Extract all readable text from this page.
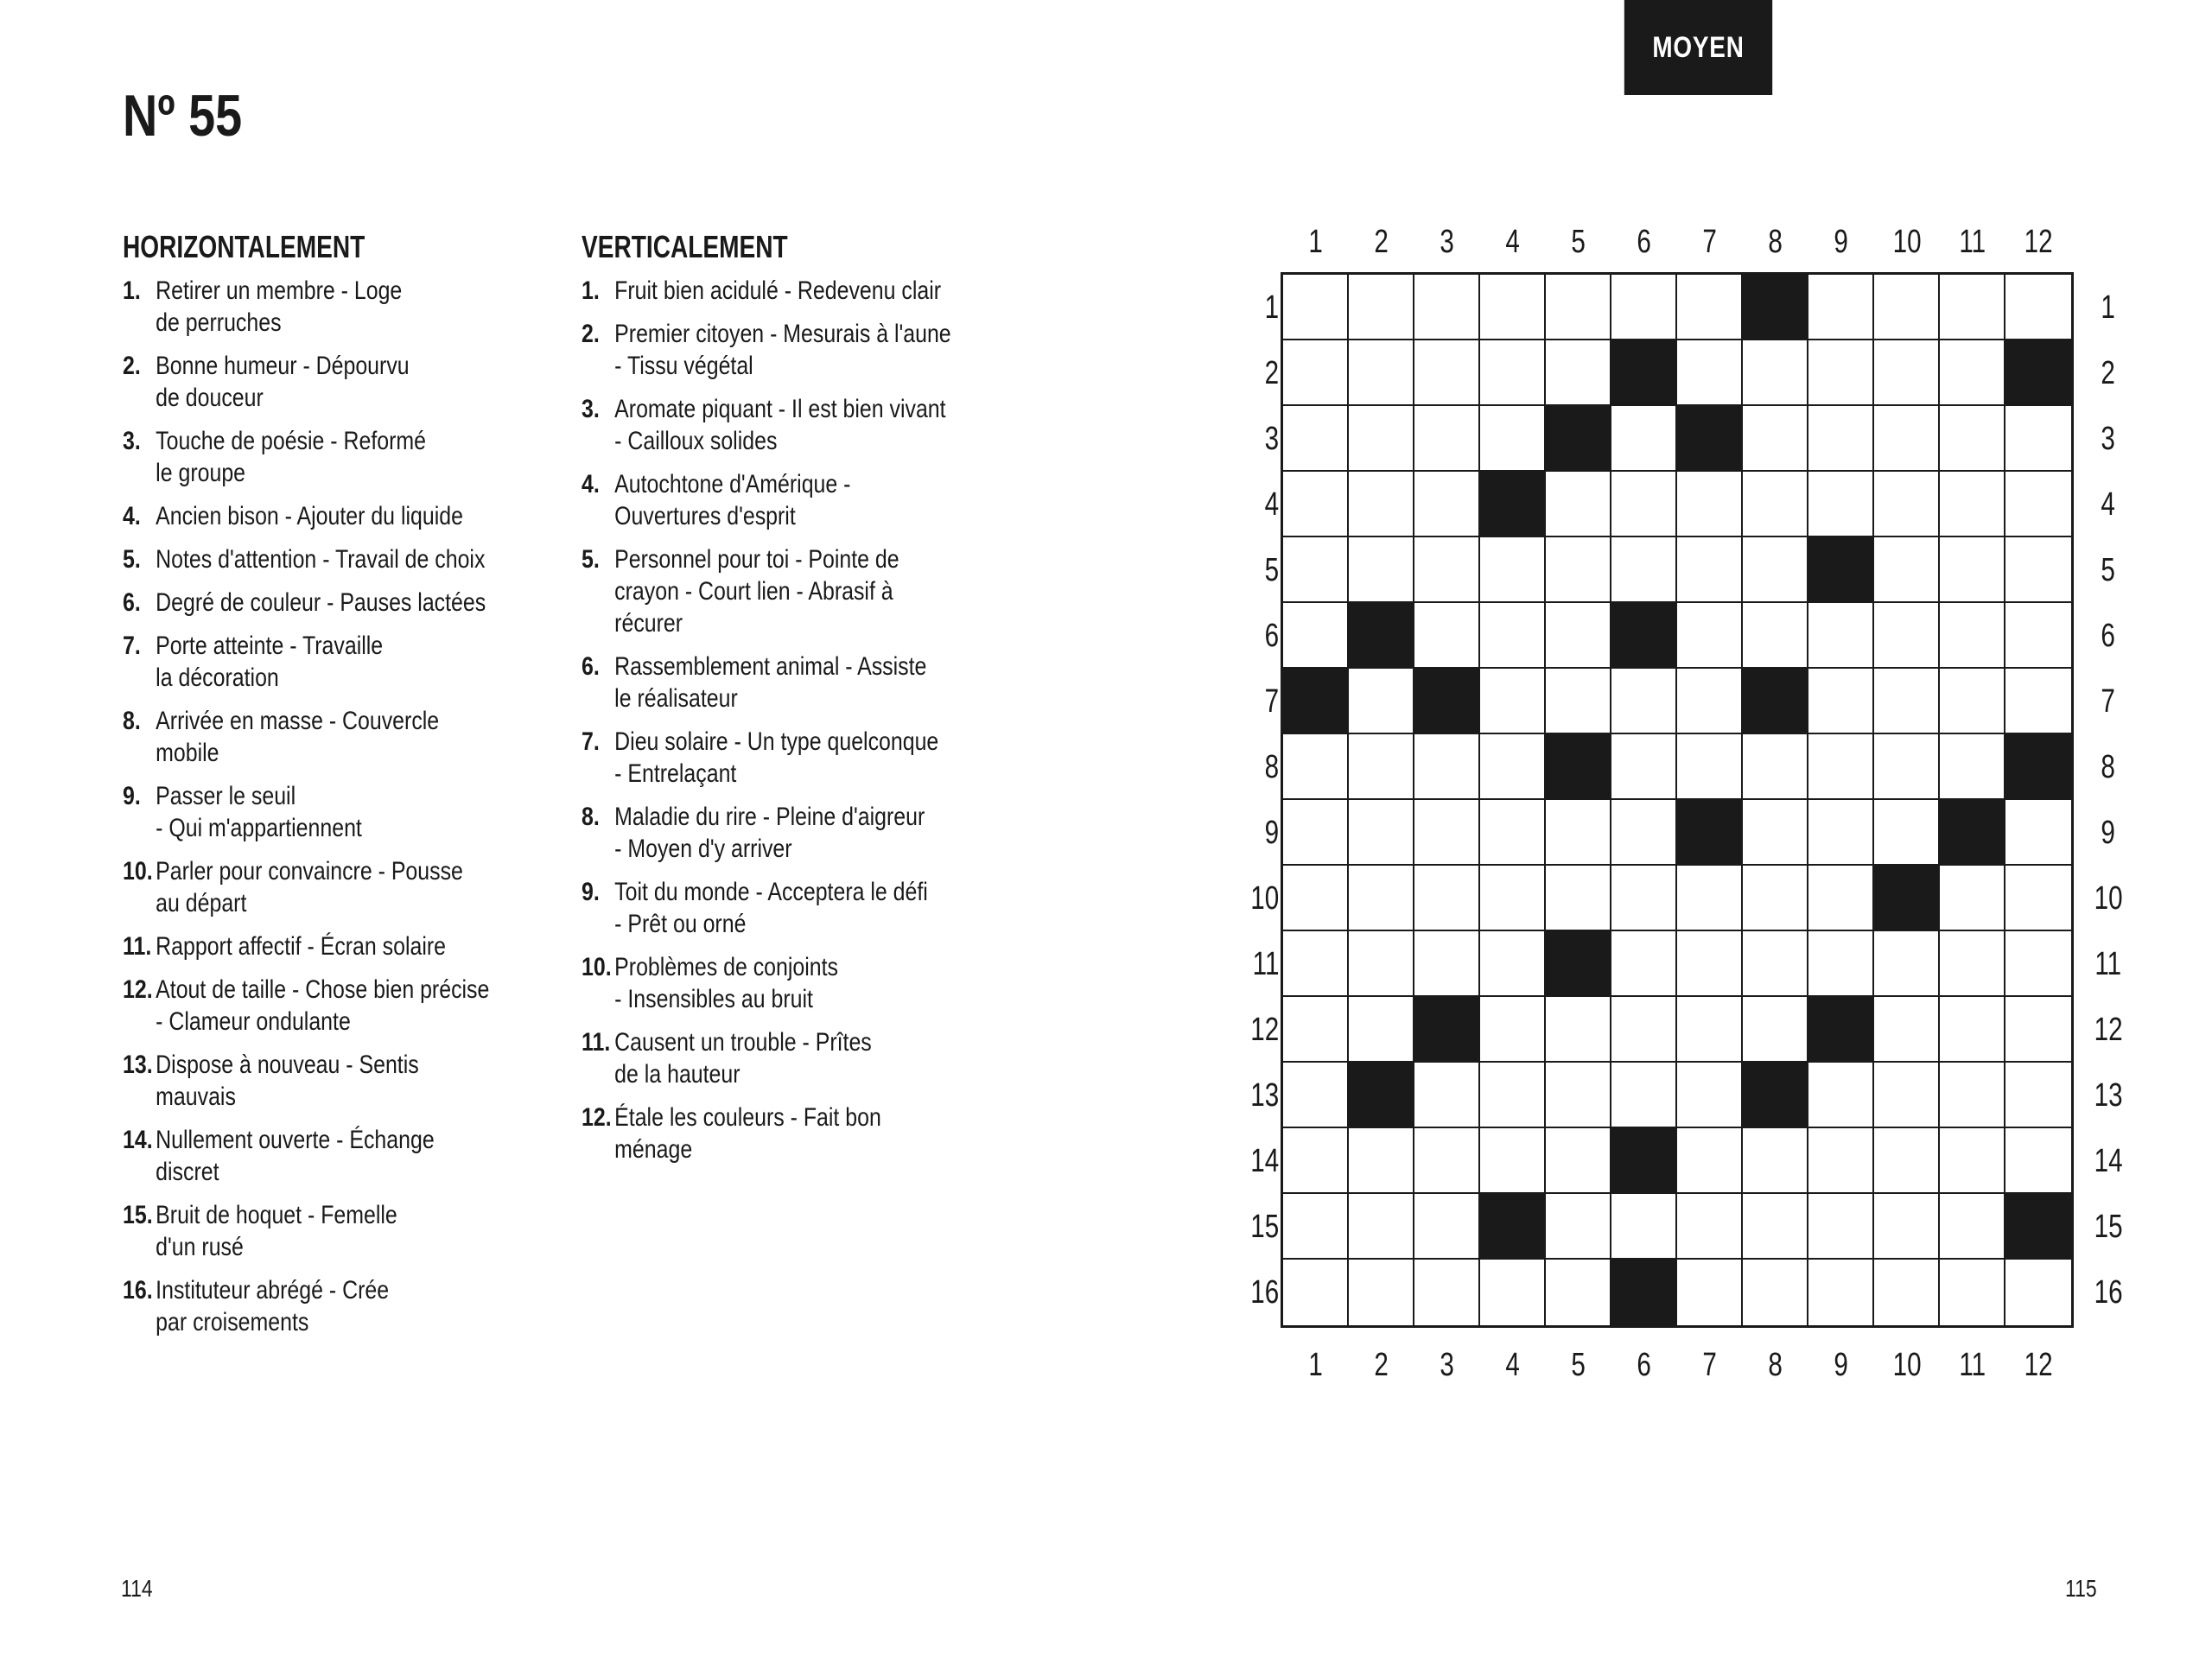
MOYEN
Nº 55
HORIZONTALEMENT
1. Retirer un membre - Loge
de perruches
2. Bonne humeur - Dépourvu
de douceur
3. Touche de poésie - Reformé
le groupe
4. Ancien bison - Ajouter du liquide
5. Notes d'attention - Travail de choix
6. Degré de couleur - Pauses lactées
7. Porte atteinte - Travaille
la décoration
8. Arrivée en masse - Couvercle
mobile
9. Passer le seuil
- Qui m'appartiennent
10. Parler pour convaincre - Pousse
au départ
11. Rapport affectif - Écran solaire
12. Atout de taille - Chose bien précise
- Clameur ondulante
13. Dispose à nouveau - Sentis
mauvais
14. Nullement ouverte - Échange
discret
15. Bruit de hoquet - Femelle
d'un rusé
16. Instituteur abrégé - Crée
par croisements
VERTICALEMENT
1. Fruit bien acidulé - Redevenu clair
2. Premier citoyen - Mesurais à l'aune
- Tissu végétal
3. Aromate piquant - Il est bien vivant
- Cailloux solides
4. Autochtone d'Amérique -
Ouvertures d'esprit
5. Personnel pour toi - Pointe de
crayon - Court lien - Abrasif à
récurer
6. Rassemblement animal - Assiste
le réalisateur
7. Dieu solaire - Un type quelconque
- Entrelaçant
8. Maladie du rire - Pleine d'aigreur
- Moyen d'y arriver
9. Toit du monde - Acceptera le défi
- Prêt ou orné
10. Problèmes de conjoints
- Insensibles au bruit
11. Causent un trouble - Prîtes
de la hauteur
12. Étale les couleurs - Fait bon
ménage
1	2	3	4	5	6	7	8	9	10	11	12
1
2
3
4
5
6
7
8
9
10
11
12
13
14
15
16
1
2
3
4
5
6
7
8
9
10
11
12
13
14
15
16
1	2	3	4	5	6	7	8	9	10	11	12
114	115
